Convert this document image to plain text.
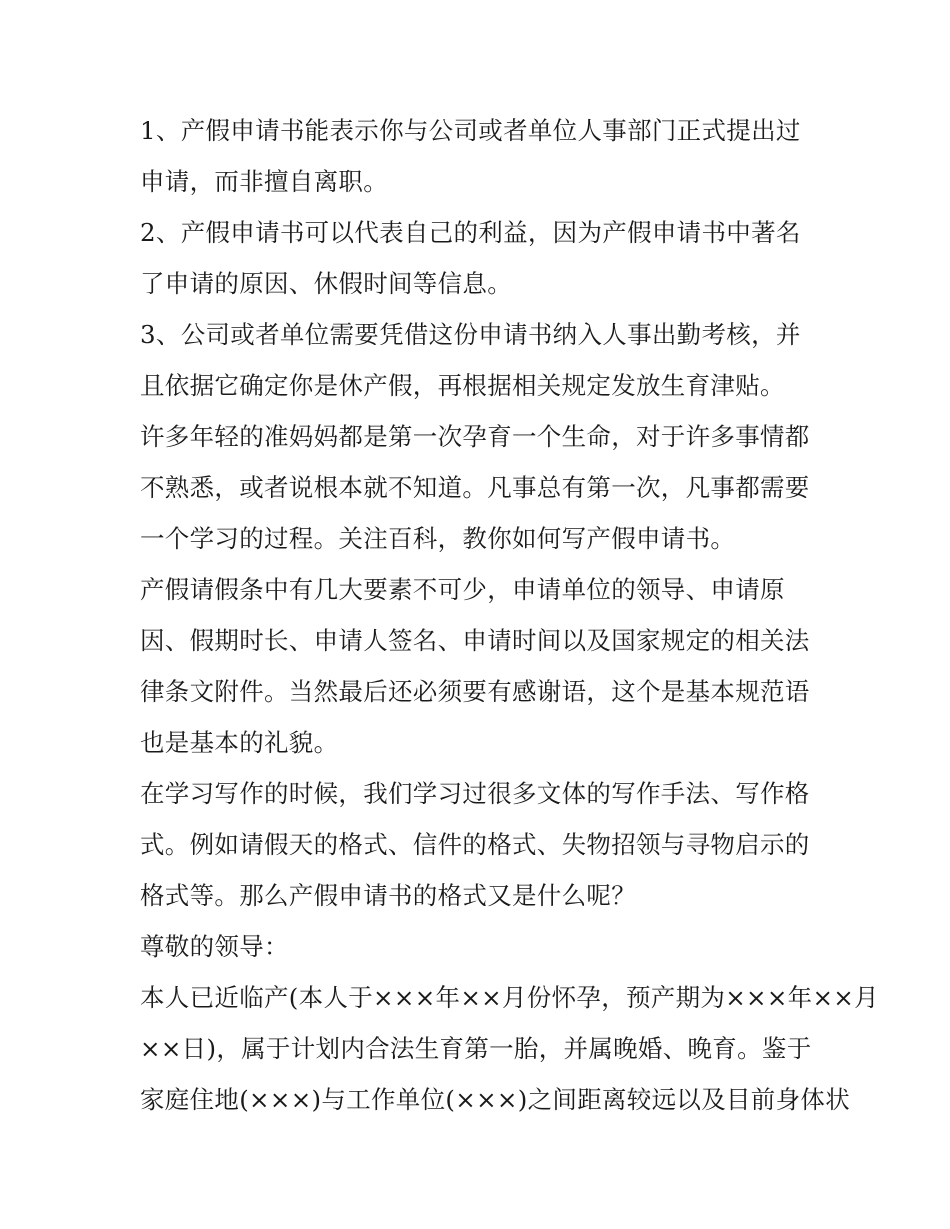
1、产假申请书能表示你与公司或者单位人事部门正式提出过

申请，而非擅自离职。

2、产假申请书可以代表自己的利益，因为产假申请书中著名

了申请的原因、休假时间等信息。

3、公司或者单位需要凭借这份申请书纳入人事出勤考核，并

且依据它确定你是休产假，再根据相关规定发放生育津贴。

许多年轻的准妈妈都是第一次孕育一个生命，对于许多事情都

不熟悉，或者说根本就不知道。凡事总有第一次，凡事都需要

一个学习的过程。关注百科，教你如何写产假申请书。

产假请假条中有几大要素不可少，申请单位的领导、申请原

因、假期时长、申请人签名、申请时间以及国家规定的相关法

律条文附件。当然最后还必须要有感谢语，这个是基本规范语

也是基本的礼貌。

在学习写作的时候，我们学习过很多文体的写作手法、写作格

式。例如请假天的格式、信件的格式、失物招领与寻物启示的

格式等。那么产假申请书的格式又是什么呢？

尊敬的领导：

本人已近临产(本人于×××年××月份怀孕，预产期为×××年××月

××日)，属于计划内合法生育第一胎，并属晚婚、晚育。鉴于

家庭住地(×××)与工作单位(×××)之间距离较远以及目前身体状
